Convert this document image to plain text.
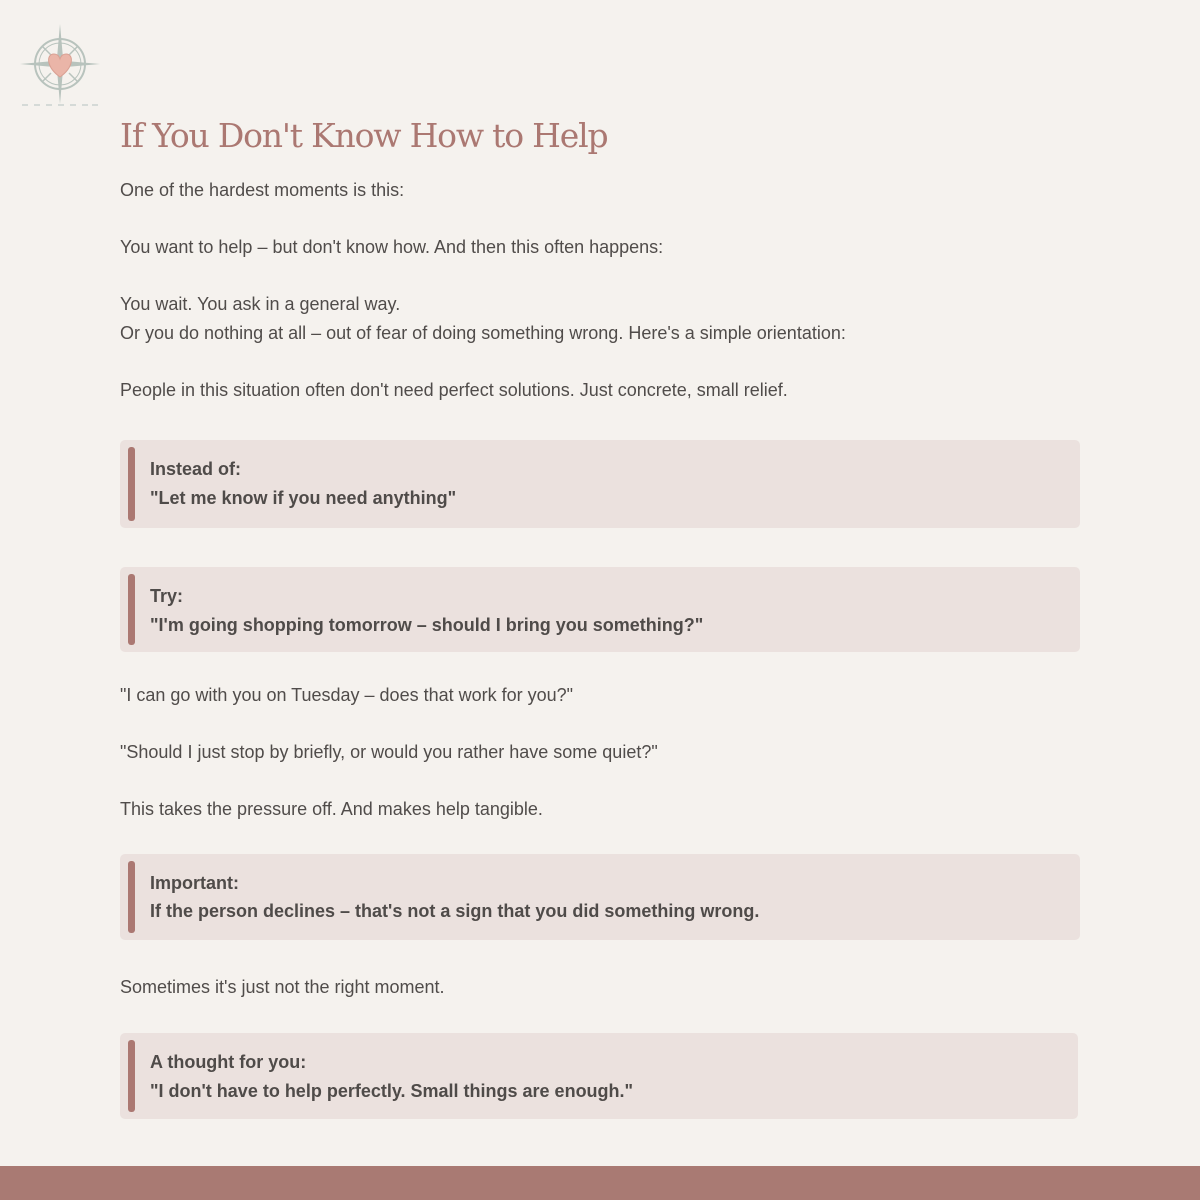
If You Don't Know How to Help

One of the hardest moments is this:

You want to help – but don't know how. And then this often happens:

You wait. You ask in a general way.

Or you do nothing at all – out of fear of doing something wrong. Here's a simple orientation:

People in this situation often don't need perfect solutions. Just concrete, small relief.

Instead of:

"Let me know if you need anything"

Try:

"I'm going shopping tomorrow – should I bring you something?"

"I can go with you on Tuesday – does that work for you?"

"Should I just stop by briefly, or would you rather have some quiet?"

This takes the pressure off. And makes help tangible.

Important:

If the person declines – that's not a sign that you did something wrong.

Sometimes it's just not the right moment.

A thought for you:

"I don't have to help perfectly. Small things are enough."
